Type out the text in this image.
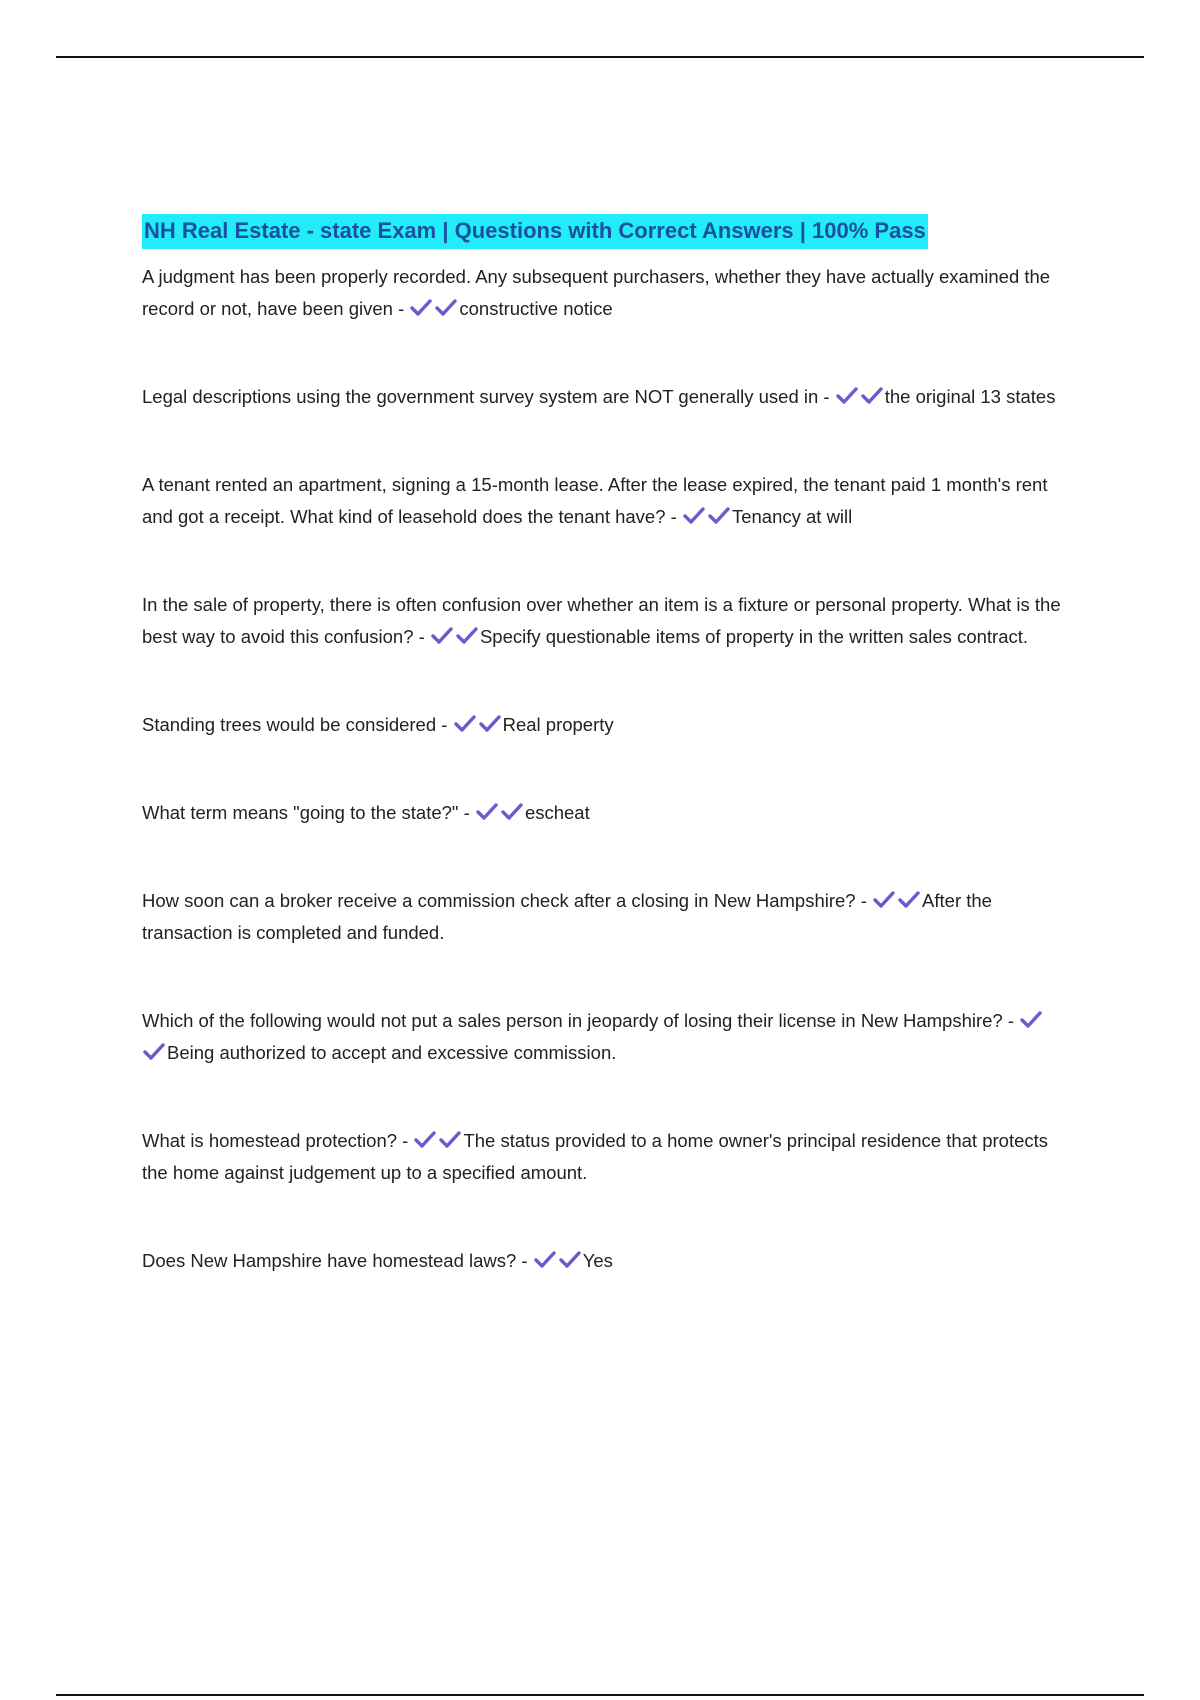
NH Real Estate - state Exam | Questions with Correct Answers | 100% Pass
A judgment has been properly recorded. Any subsequent purchasers, whether they have actually examined the record or not, have been given -	constructive notice
Legal descriptions using the government survey system are NOT generally used in -	the original 13 states
A tenant rented an apartment, signing a 15-month lease. After the lease expired, the tenant paid 1 month's rent and got a receipt. What kind of leasehold does the tenant have? -	Tenancy at will
In the sale of property, there is often confusion over whether an item is a fixture or personal property. What is the best way to avoid this confusion? -	Specify questionable items of property in the written sales contract.
Standing trees would be considered -	Real property
What term means "going to the state?" -	escheat
How soon can a broker receive a commission check after a closing in New Hampshire? -	After the transaction is completed and funded.
Which of the following would not put a sales person in jeopardy of losing their license in New Hampshire? -
Being authorized to accept and excessive commission.
What is homestead protection? -	The status provided to a home owner's principal residence that protects the home against judgement up to a specified amount.
Does New Hampshire have homestead laws? -	Yes
